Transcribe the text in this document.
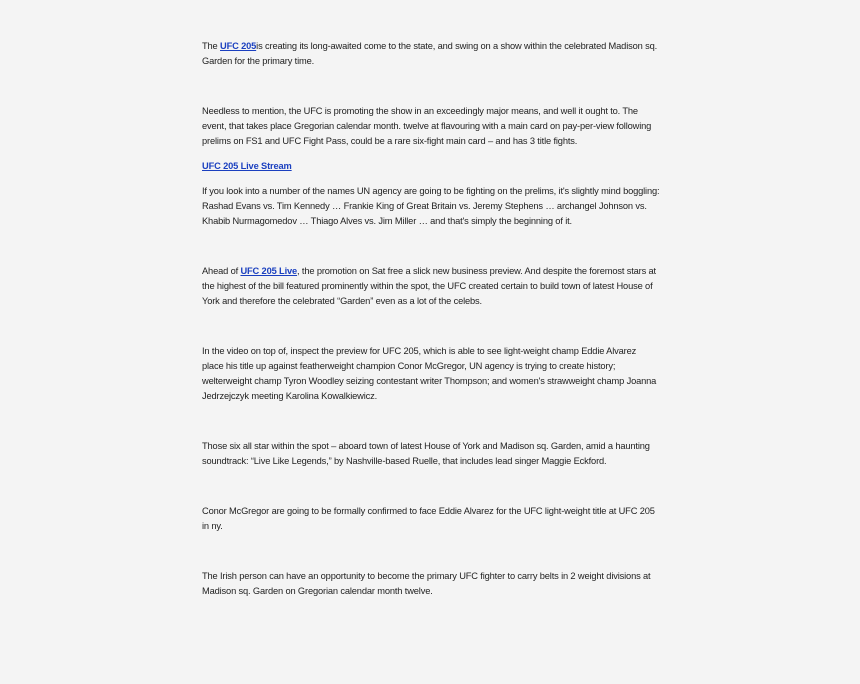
The UFC 205is creating its long-awaited come to the state, and swing on a show within the celebrated Madison sq. Garden for the primary time.

Needless to mention, the UFC is promoting the show in an exceedingly major means, and well it ought to. The event, that takes place Gregorian calendar month. twelve at flavouring with a main card on pay-per-view following prelims on FS1 and UFC Fight Pass, could be a rare six-fight main card – and has 3 title fights.

UFC 205 Live Stream

If you look into a number of the names UN agency are going to be fighting on the prelims, it's slightly mind boggling: Rashad Evans vs. Tim Kennedy … Frankie King of Great Britain vs. Jeremy Stephens … archangel Johnson vs. Khabib Nurmagomedov … Thiago Alves vs. Jim Miller … and that's simply the beginning of it.

Ahead of UFC 205 Live, the promotion on Sat free a slick new business preview. And despite the foremost stars at the highest of the bill featured prominently within the spot, the UFC created certain to build town of latest House of York and therefore the celebrated “Garden” even as a lot of the celebs.

In the video on top of, inspect the preview for UFC 205, which is able to see light-weight champ Eddie Alvarez place his title up against featherweight champion Conor McGregor, UN agency is trying to create history; welterweight champ Tyron Woodley seizing contestant writer Thompson; and women's strawweight champ Joanna Jedrzejczyk meeting Karolina Kowalkiewicz.

Those six all star within the spot – aboard town of latest House of York and Madison sq. Garden, amid a haunting soundtrack: “Live Like Legends,” by Nashville-based Ruelle, that includes lead singer Maggie Eckford.

Conor McGregor are going to be formally confirmed to face Eddie Alvarez for the UFC light-weight title at UFC 205 in ny.

The Irish person can have an opportunity to become the primary UFC fighter to carry belts in 2 weight divisions at Madison sq. Garden on Gregorian calendar month twelve.
